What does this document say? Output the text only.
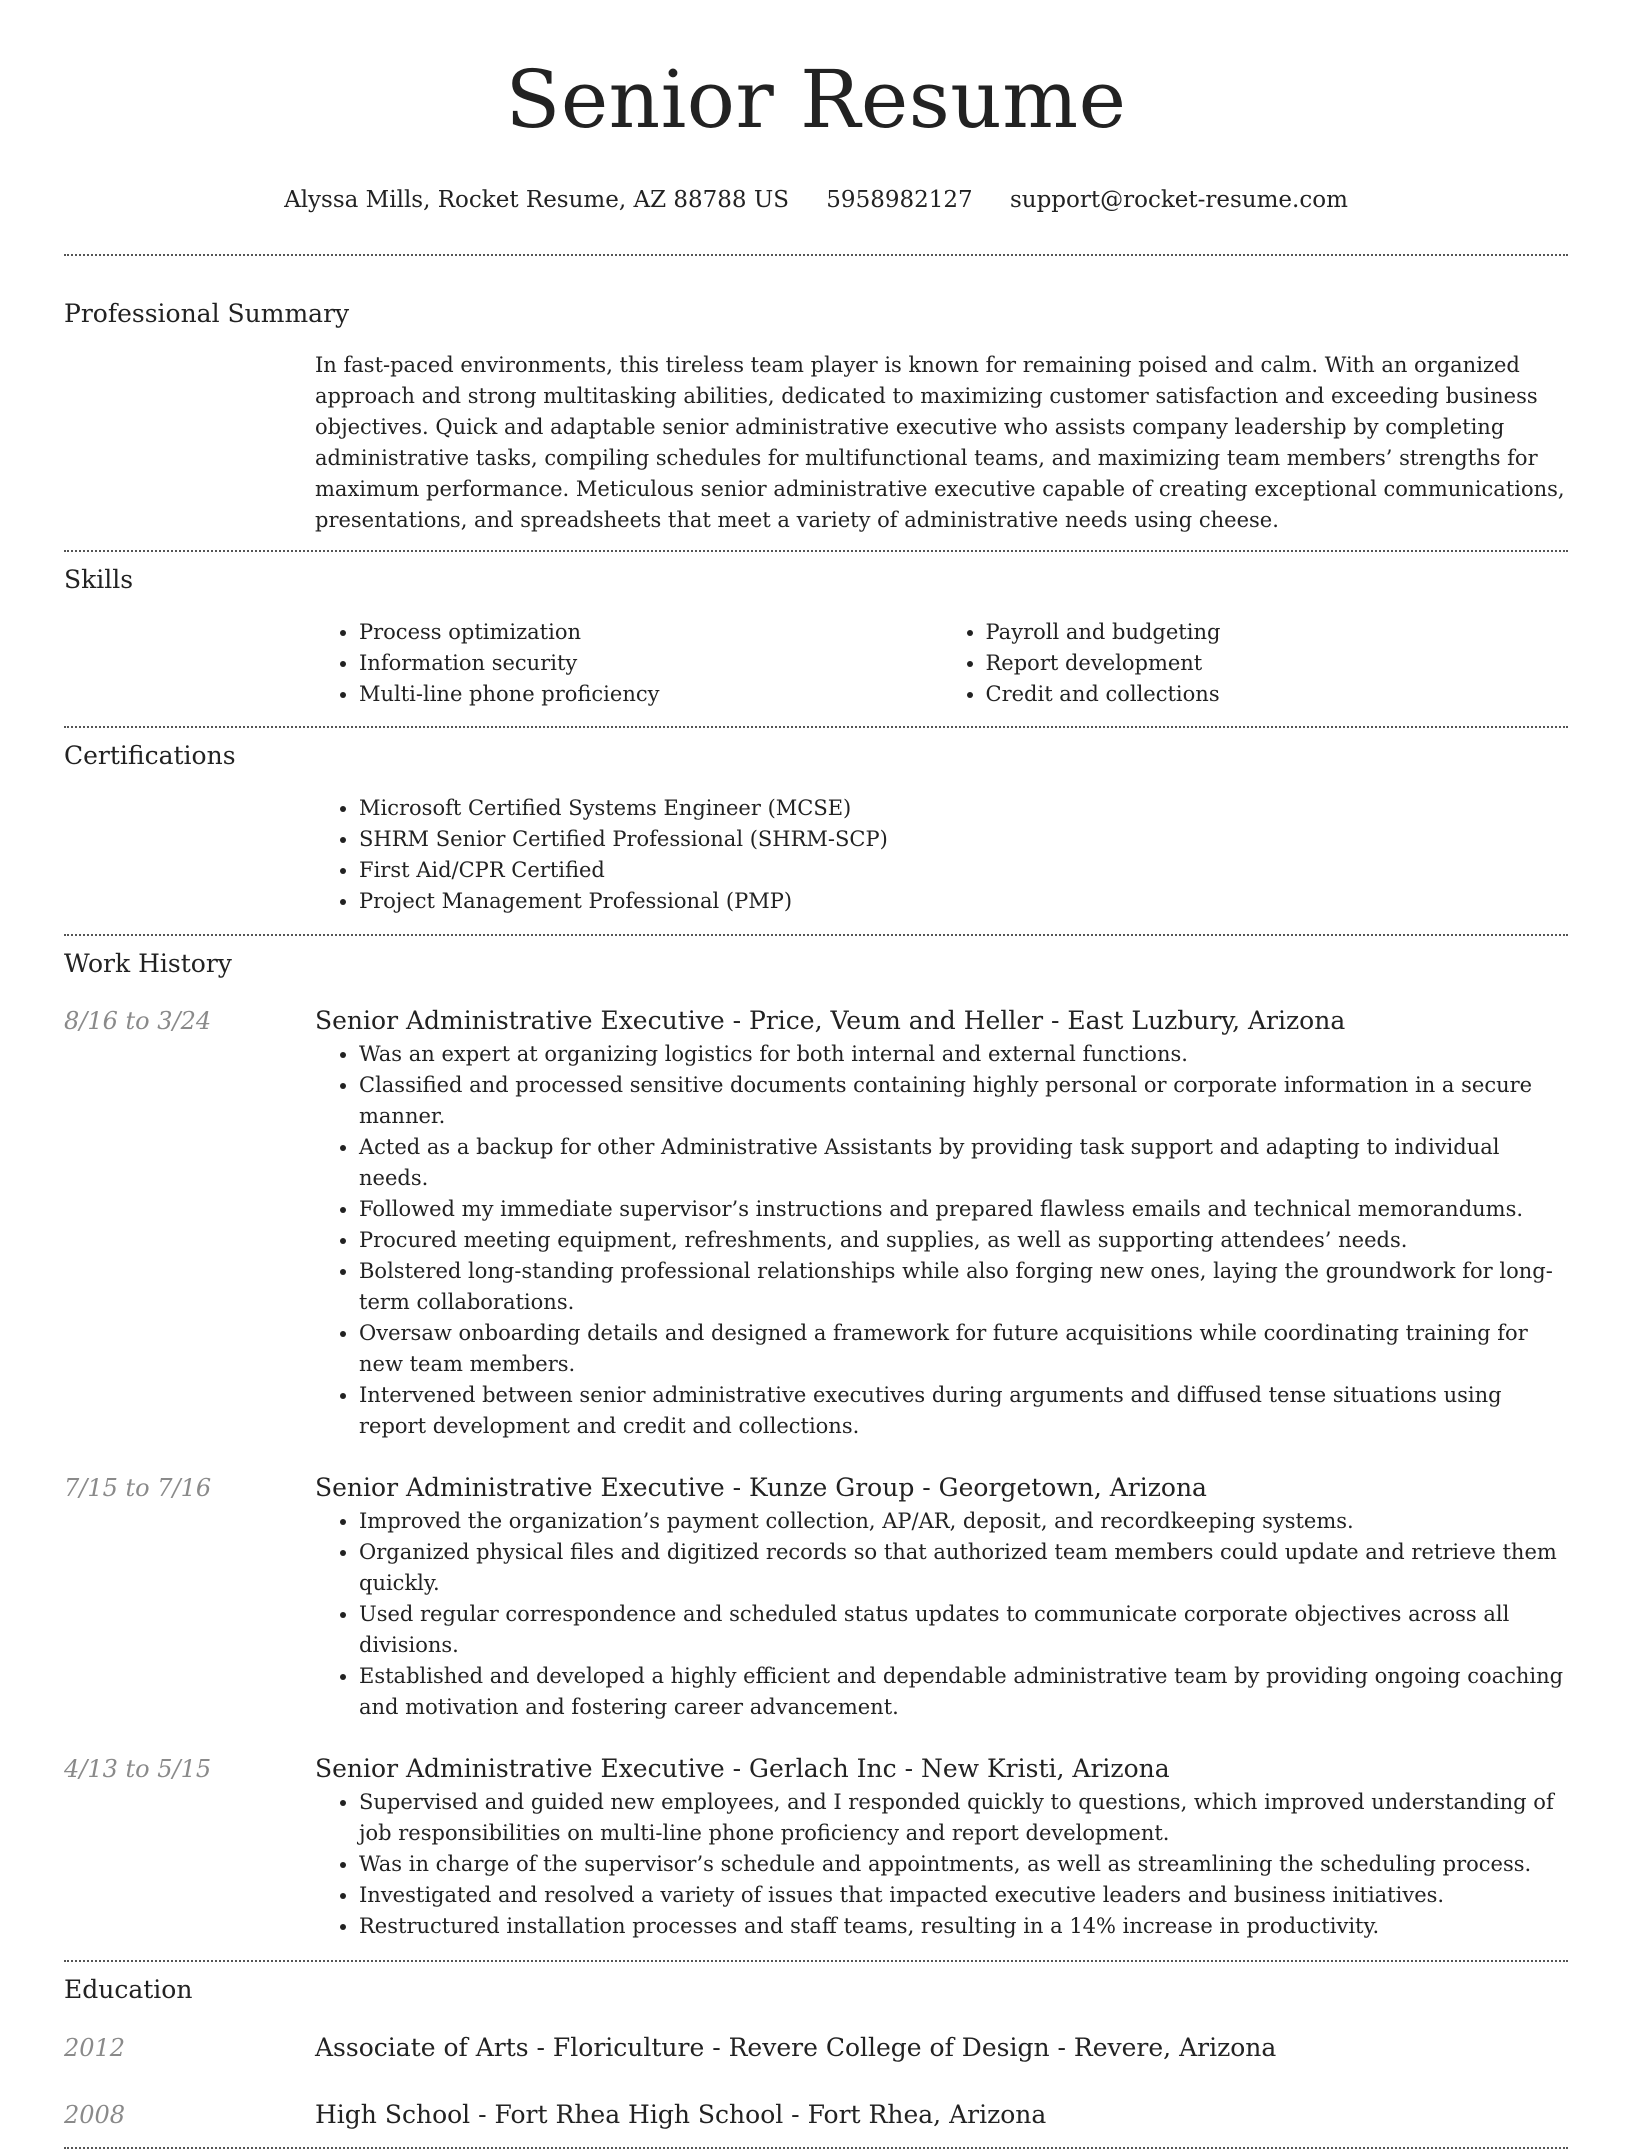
Senior Resume
Alyssa Mills, Rocket Resume, AZ 88788 US 5958982127 support@rocket-resume.com
Professional Summary

In fast-paced environments, this tireless team player is known for remaining poised and calm. With an organized approach and strong multitasking abilities, dedicated to maximizing customer satisfaction and exceeding business objectives. Quick and adaptable senior administrative executive who assists company leadership by completing administrative tasks, compiling schedules for multifunctional teams, and maximizing team members’ strengths for maximum performance. Meticulous senior administrative executive capable of creating exceptional communications, presentations, and spreadsheets that meet a variety of administrative needs using cheese.

Skills
• Process optimization
• Information security
• Multi-line phone proficiency
• Payroll and budgeting
• Report development
• Credit and collections
Certifications
• Microsoft Certified Systems Engineer (MCSE)
• SHRM Senior Certified Professional (SHRM-SCP)
• First Aid/CPR Certified
• Project Management Professional (PMP)
Work History
8/16 to 3/24	Senior Administrative Executive - Price, Veum and Heller - East Luzbury, Arizona
• Was an expert at organizing logistics for both internal and external functions.
• Classified and processed sensitive documents containing highly personal or corporate information in a secure manner.
• Acted as a backup for other Administrative Assistants by providing task support and adapting to individual needs.
• Followed my immediate supervisor’s instructions and prepared flawless emails and technical memorandums.
• Procured meeting equipment, refreshments, and supplies, as well as supporting attendees’ needs.
• Bolstered long-standing professional relationships while also forging new ones, laying the groundwork for long-term collaborations.
• Oversaw onboarding details and designed a framework for future acquisitions while coordinating training for new team members.
• Intervened between senior administrative executives during arguments and diffused tense situations using report development and credit and collections.
7/15 to 7/16	Senior Administrative Executive - Kunze Group - Georgetown, Arizona
• Improved the organization’s payment collection, AP/AR, deposit, and recordkeeping systems.
• Organized physical files and digitized records so that authorized team members could update and retrieve them quickly.
• Used regular correspondence and scheduled status updates to communicate corporate objectives across all divisions.
• Established and developed a highly efficient and dependable administrative team by providing ongoing coaching and motivation and fostering career advancement.
4/13 to 5/15	Senior Administrative Executive - Gerlach Inc - New Kristi, Arizona
• Supervised and guided new employees, and I responded quickly to questions, which improved understanding of job responsibilities on multi-line phone proficiency and report development.
• Was in charge of the supervisor’s schedule and appointments, as well as streamlining the scheduling process.
• Investigated and resolved a variety of issues that impacted executive leaders and business initiatives.
• Restructured installation processes and staff teams, resulting in a 14% increase in productivity.
Education
2012	Associate of Arts - Floriculture - Revere College of Design - Revere, Arizona
2008	High School - Fort Rhea High School - Fort Rhea, Arizona
